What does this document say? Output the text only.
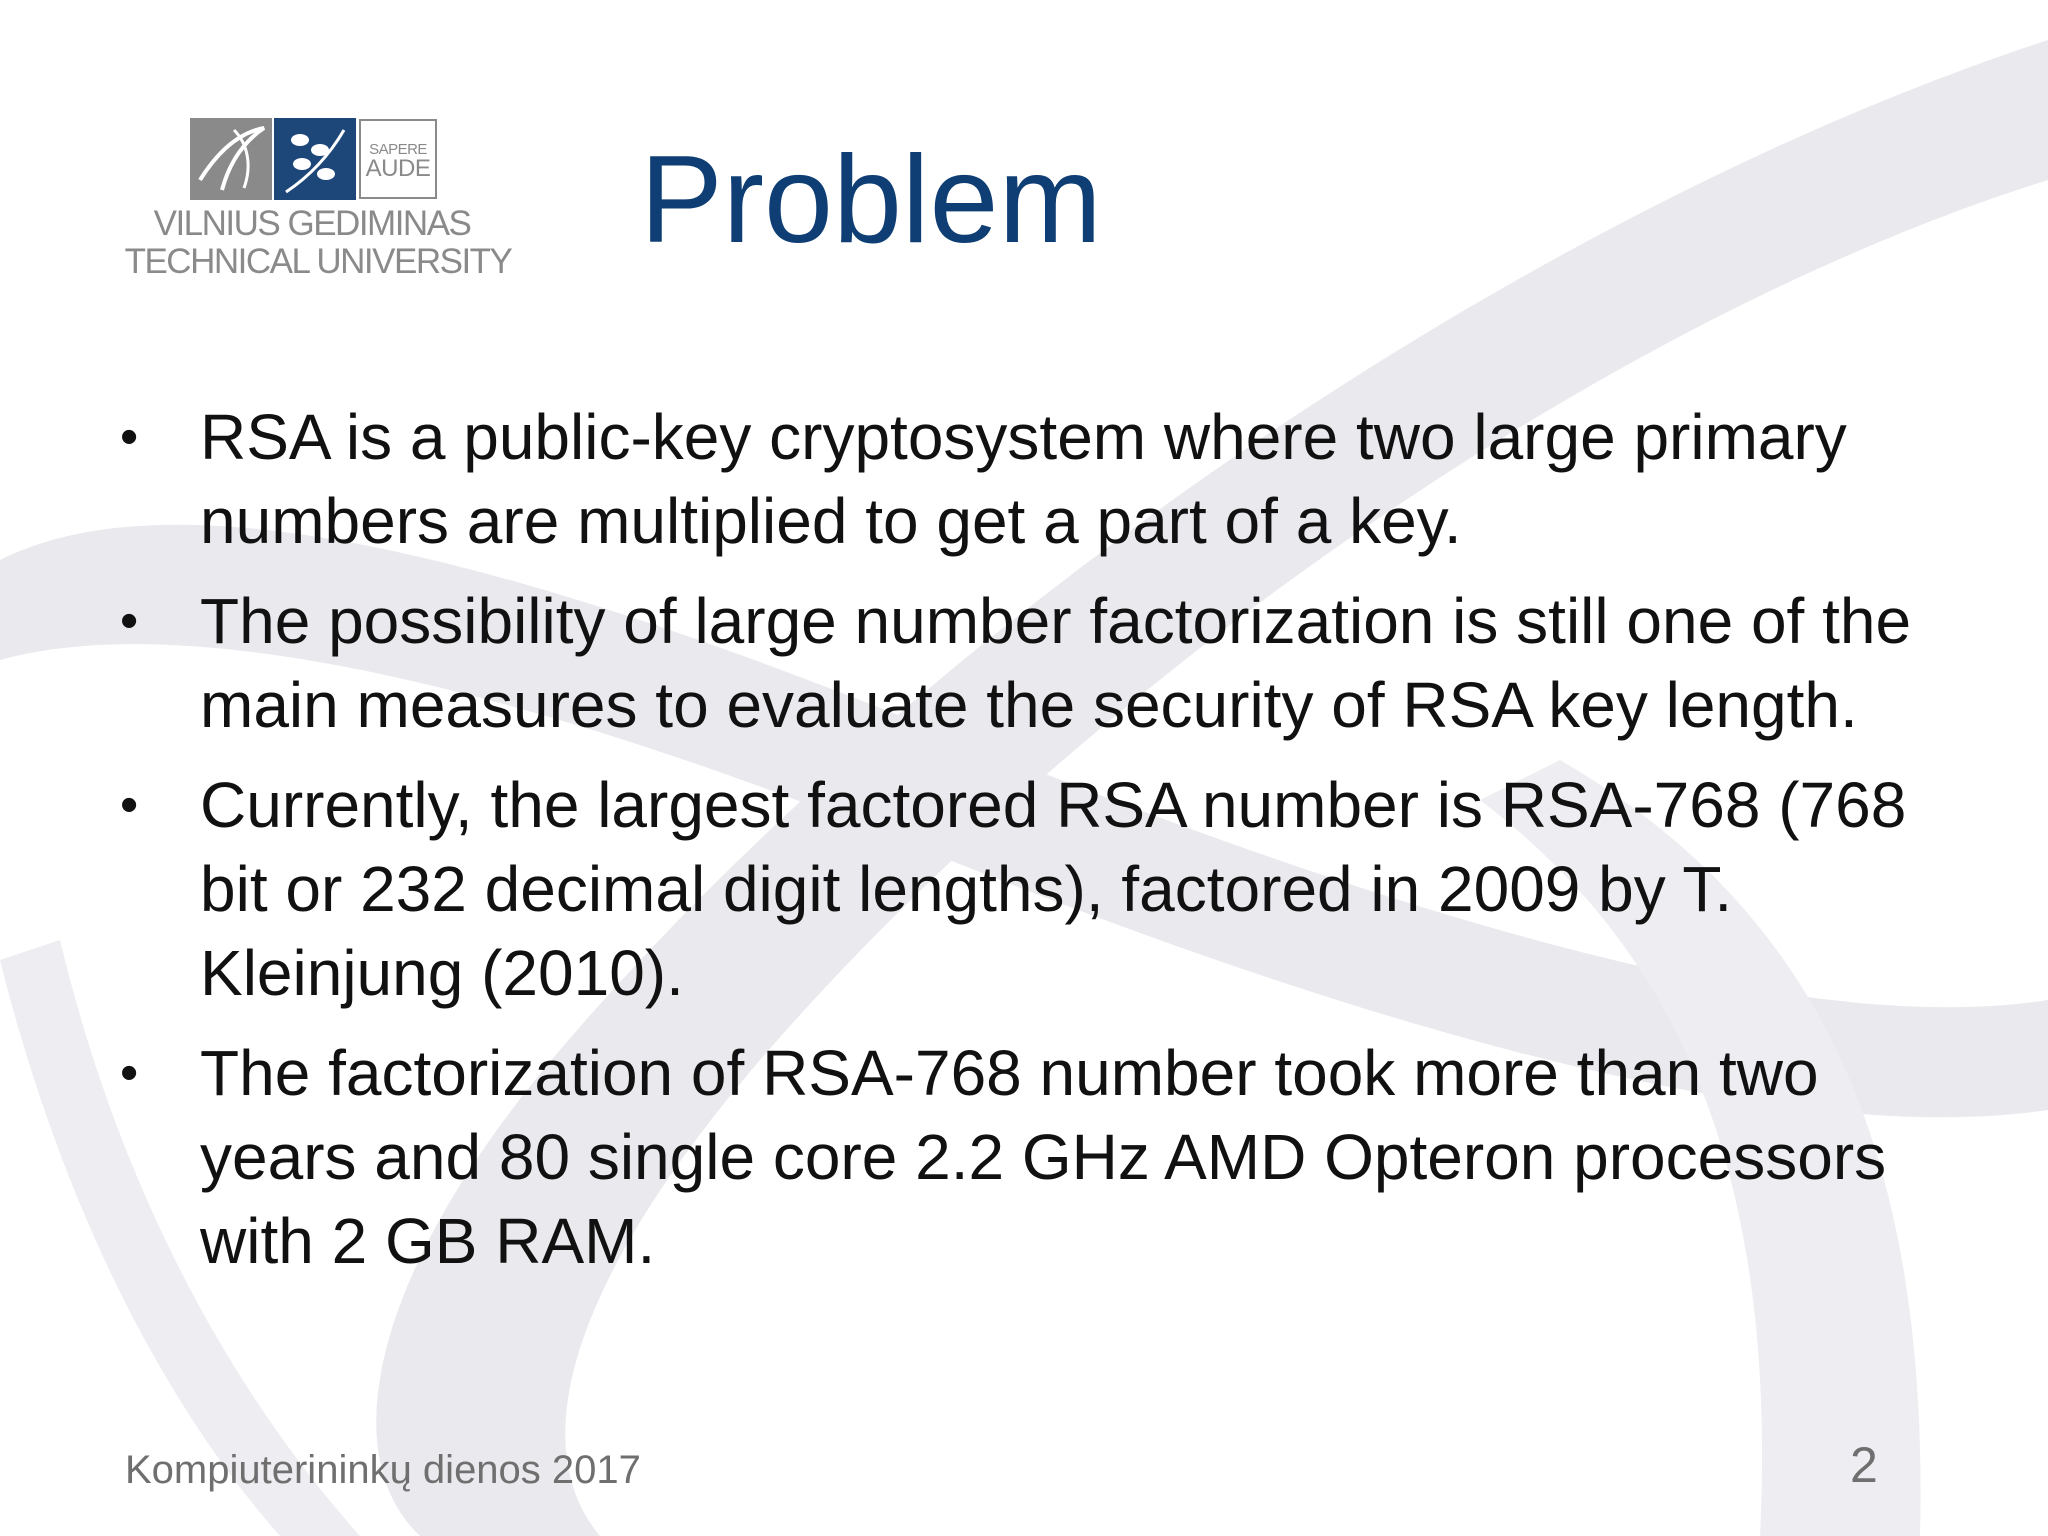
SAPERE
AUDE
VILNIUS GEDIMINAS
TECHNICAL UNIVERSITY Problem
• RSA is a public-key cryptosystem where two large primary numbers are multiplied to get a part of a key.
• The possibility of large number factorization is still one of the main measures to evaluate the security of RSA key length.
• Currently, the largest factored RSA number is RSA-768 (768 bit or 232 decimal digit lengths), factored in 2009 by T. Kleinjung (2010).
• The factorization of RSA-768 number took more than two years and 80 single core 2.2 GHz AMD Opteron processors with 2 GB RAM.
Kompiuterininkų dienos 2017	2
